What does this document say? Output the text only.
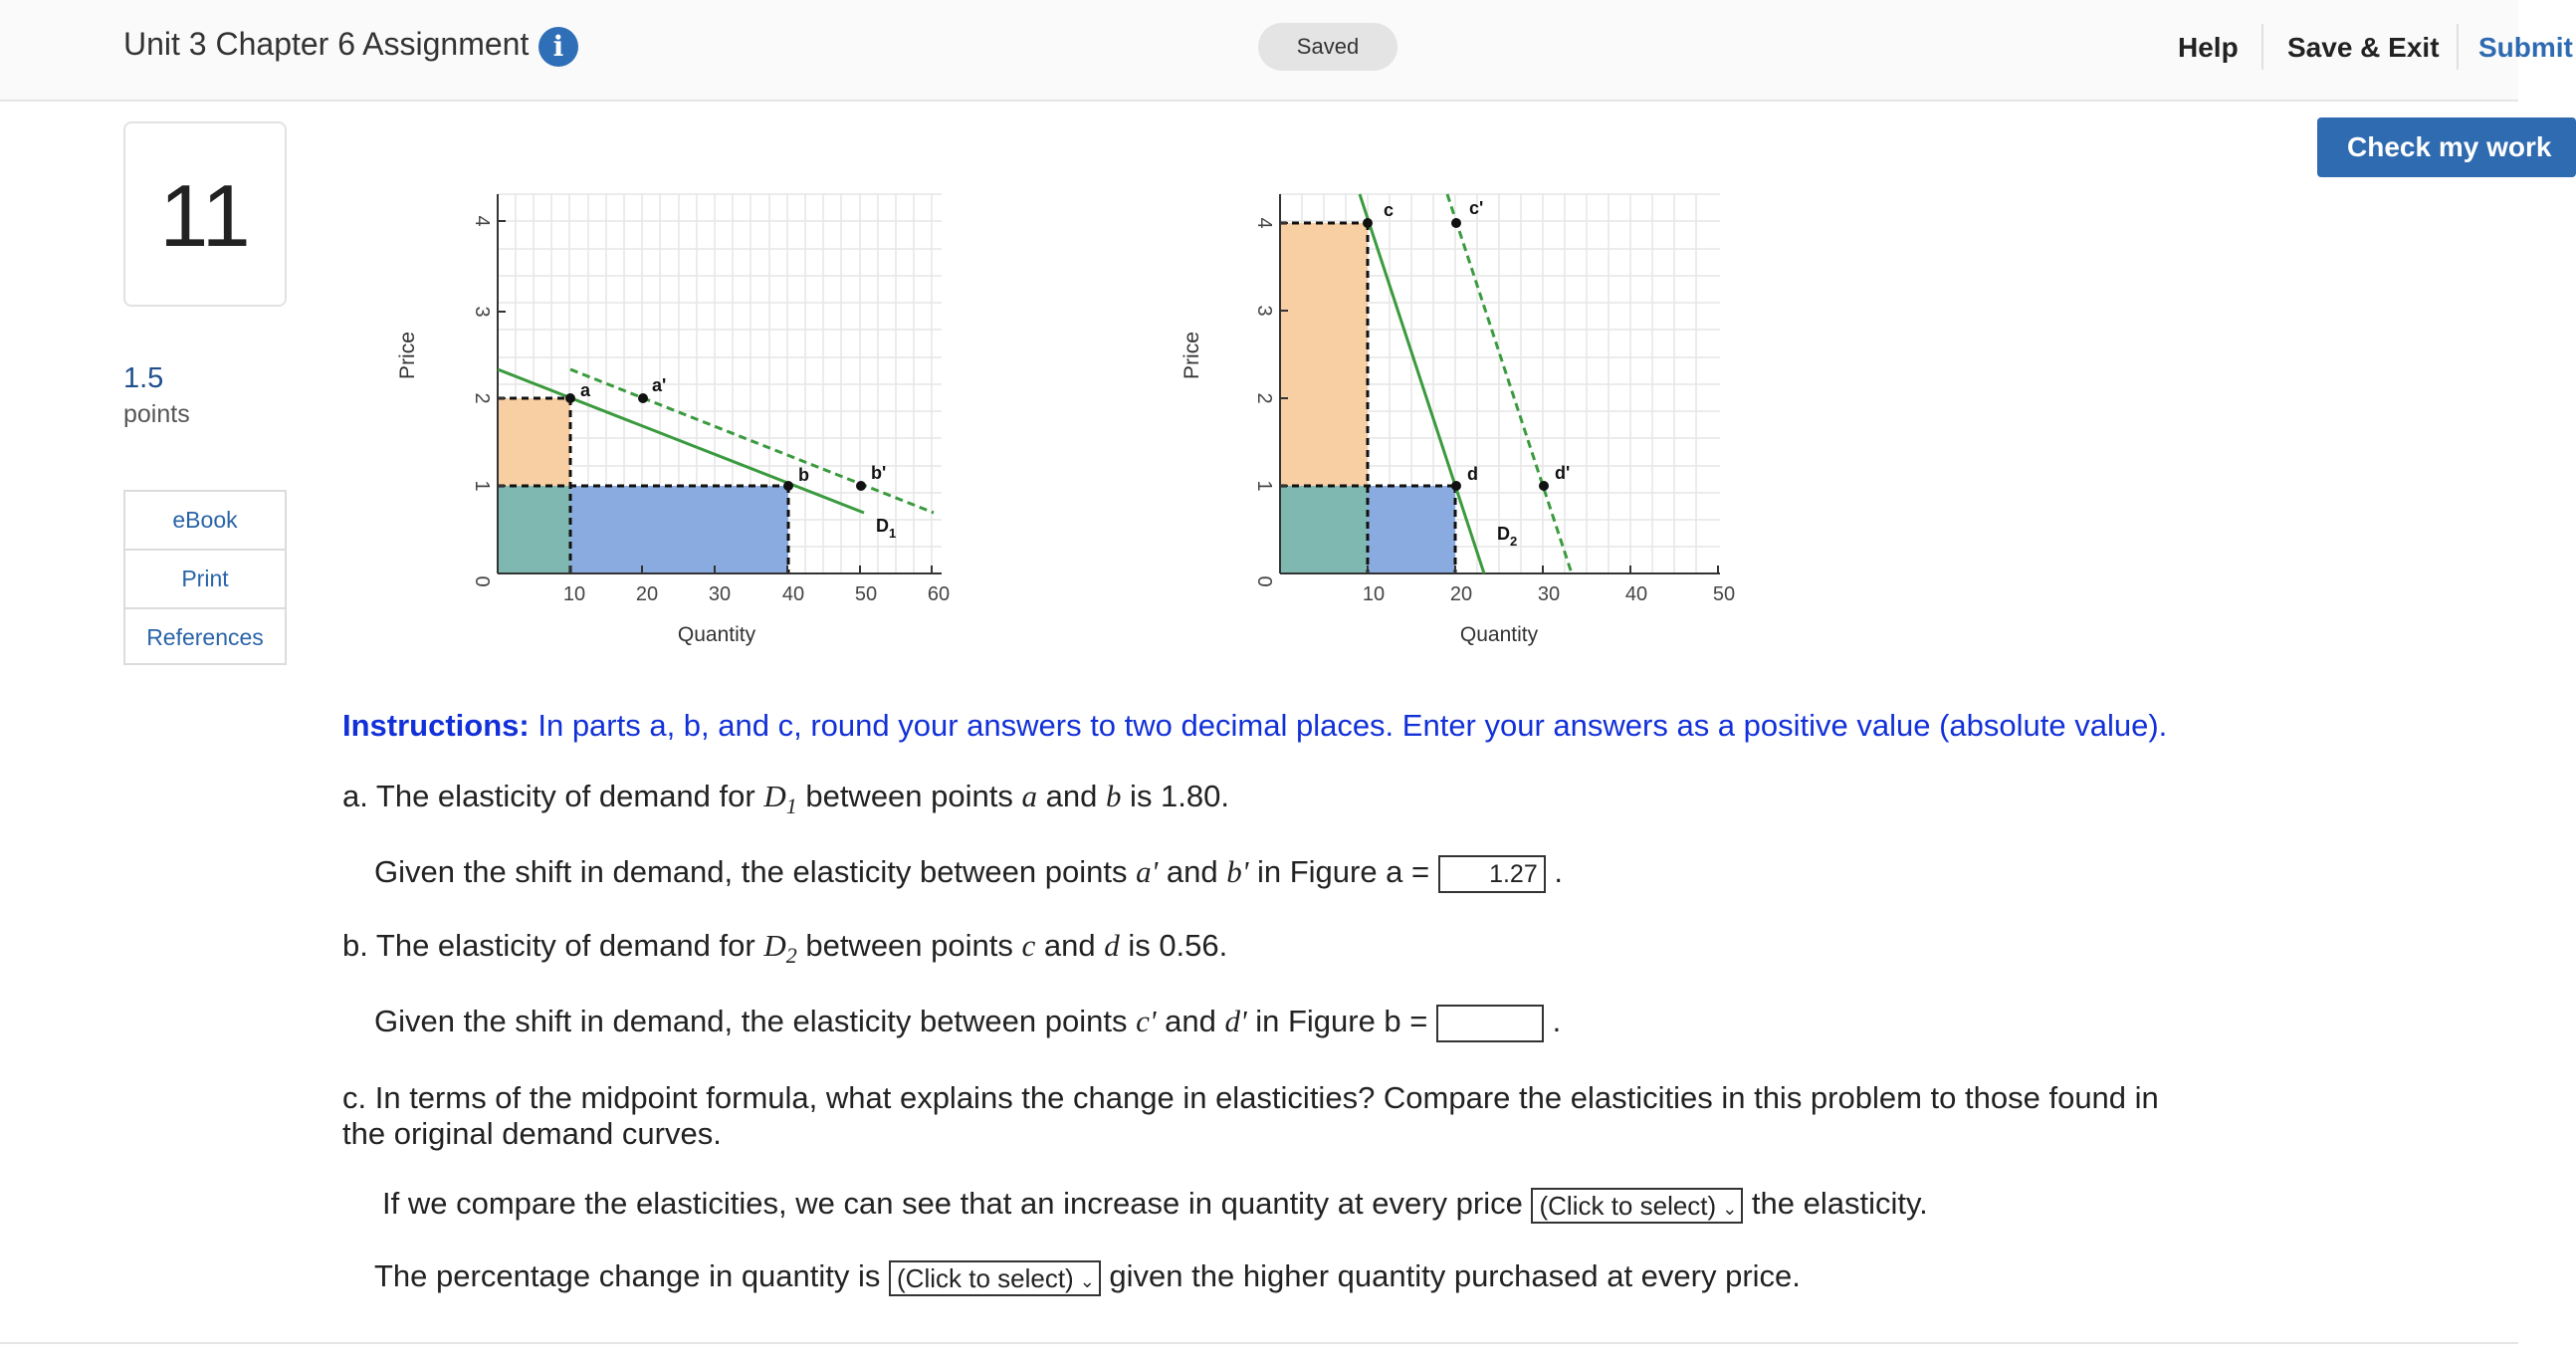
Unit 3 Chapter 6 Assignment i	Saved	Help Save & Exit Submit
Check my work
11
1.5
points
eBook
Print
References
a	a'
b	b'
$D_1$
10	20	30	40	50	60
0
1
2
3
4
Quantity
Price
c	c'
d	d'
$D_2$
10	20	30	40	50
0
1
2
3
4
Quantity
Price
Instructions: In parts a, b, and c, round your answers to two decimal places. Enter your answers as a positive value (absolute value).
a. The elasticity of demand for $D_1$ between points a and b is 1.80.
Given the shift in demand, the elasticity between points a' and b' in Figure a = 1.27 .
b. The elasticity of demand for $D_2$ between points c and d is 0.56.
Given the shift in demand, the elasticity between points c' and d' in Figure b =	.
c. In terms of the midpoint formula, what explains the change in elasticities? Compare the elasticities in this problem to those found in
the original demand curves.
If we compare the elasticities, we can see that an increase in quantity at every price (Click to select) ⌄ the elasticity.
The percentage change in quantity is (Click to select) ⌄ given the higher quantity purchased at every price.
